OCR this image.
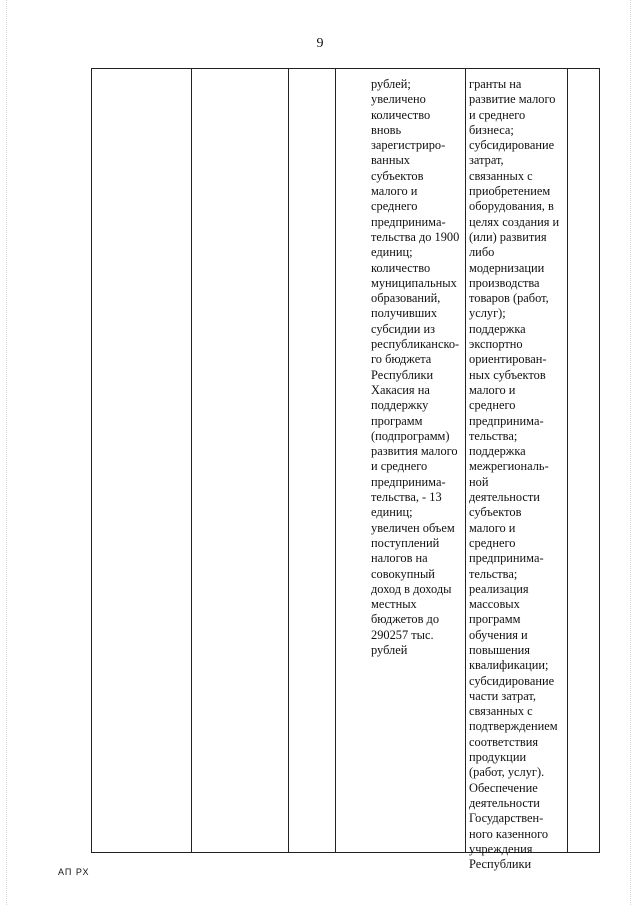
9

рублей;
увеличено
количество
вновь
зарегистриро-
ванных
субъектов
малого и
среднего
предпринима-
тельства до 1900
единиц;
количество
муниципальных
образований,
получивших
субсидии из
республиканско-
го бюджета
Республики
Хакасия на
поддержку
программ
(подпрограмм)
развития малого
и среднего
предпринима-
тельства, - 13
единиц;
увеличен объем
поступлений
налогов на
совокупный
доход в доходы
местных
бюджетов до
290257 тыс.
рублей

гранты на
развитие малого
и среднего
бизнеса;
субсидирование
затрат,
связанных с
приобретением
оборудования, в
целях создания и
(или) развития
либо
модернизации
производства
товаров (работ,
услуг);
поддержка
экспортно
ориентирован-
ных субъектов
малого и
среднего
предпринима-
тельства;
поддержка
межрегиональ-
ной
деятельности
субъектов
малого и
среднего
предпринима-
тельства;
реализация
массовых
программ
обучения и
повышения
квалификации;
субсидирование
части затрат,
связанных с
подтверждением
соответствия
продукции
(работ, услуг).
Обеспечение
деятельности
Государствен-
ного казенного
учреждения
Республики

АП РХ
